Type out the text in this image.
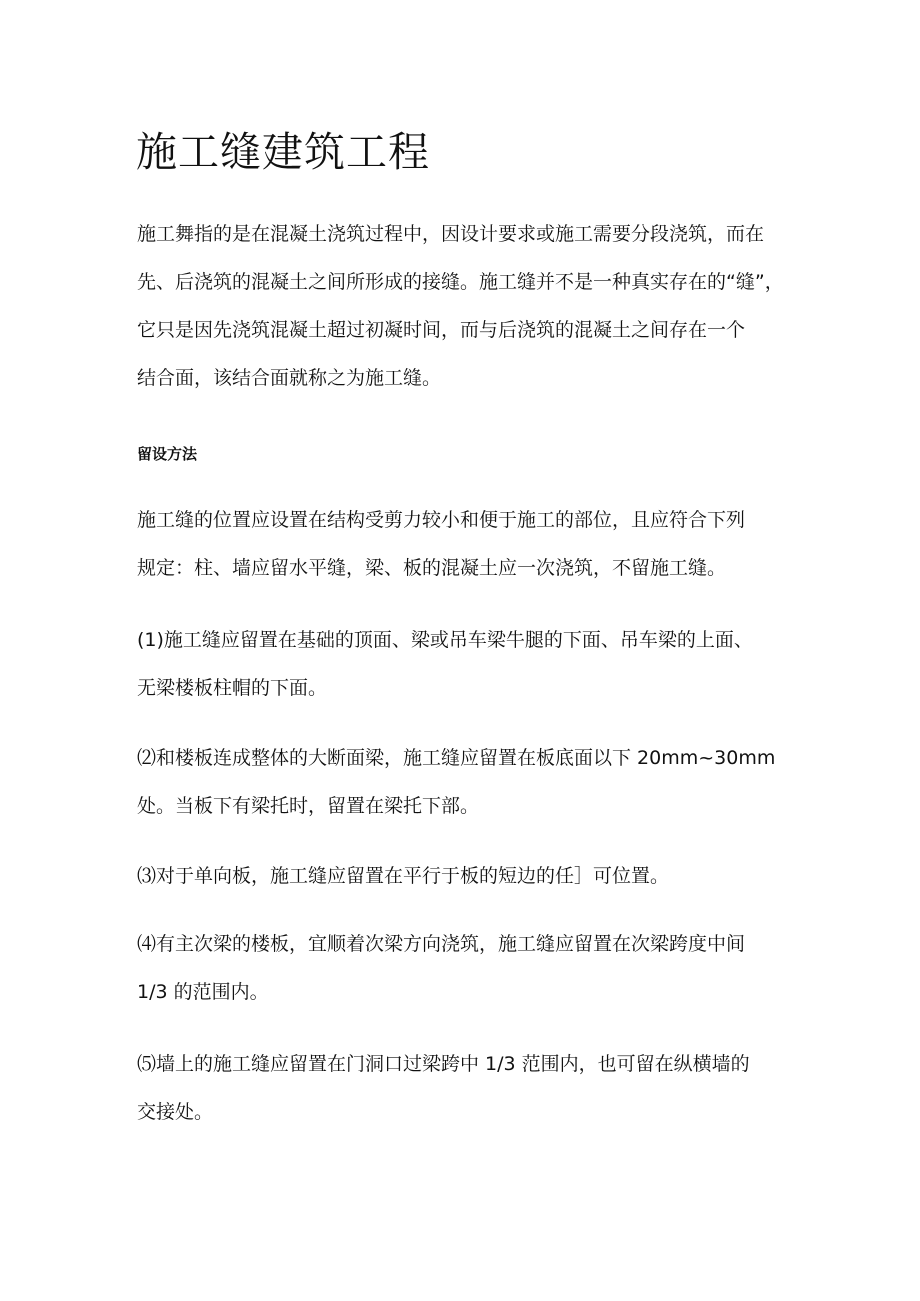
施工缝建筑工程

施工舞指的是在混凝土浇筑过程中，因设计要求或施工需要分段浇筑，而在
先、后浇筑的混凝土之间所形成的接缝。施工缝并不是一种真实存在的“缝”，
它只是因先浇筑混凝土超过初凝时间，而与后浇筑的混凝土之间存在一个
结合面，该结合面就称之为施工缝。

留设方法

施工缝的位置应设置在结构受剪力较小和便于施工的部位，且应符合下列
规定：柱、墙应留水平缝，梁、板的混凝土应一次浇筑，不留施工缝。

(1)施工缝应留置在基础的顶面、梁或吊车梁牛腿的下面、吊车梁的上面、
无梁楼板柱帽的下面。

⑵和楼板连成整体的大断面梁，施工缝应留置在板底面以下 20mm~30mm
处。当板下有梁托时，留置在梁托下部。

⑶对于单向板，施工缝应留置在平行于板的短边的任］可位置。

⑷有主次梁的楼板，宜顺着次梁方向浇筑，施工缝应留置在次梁跨度中间
1/3 的范围内。

⑸墙上的施工缝应留置在门洞口过梁跨中 1/3 范围内，也可留在纵横墙的
交接处。
